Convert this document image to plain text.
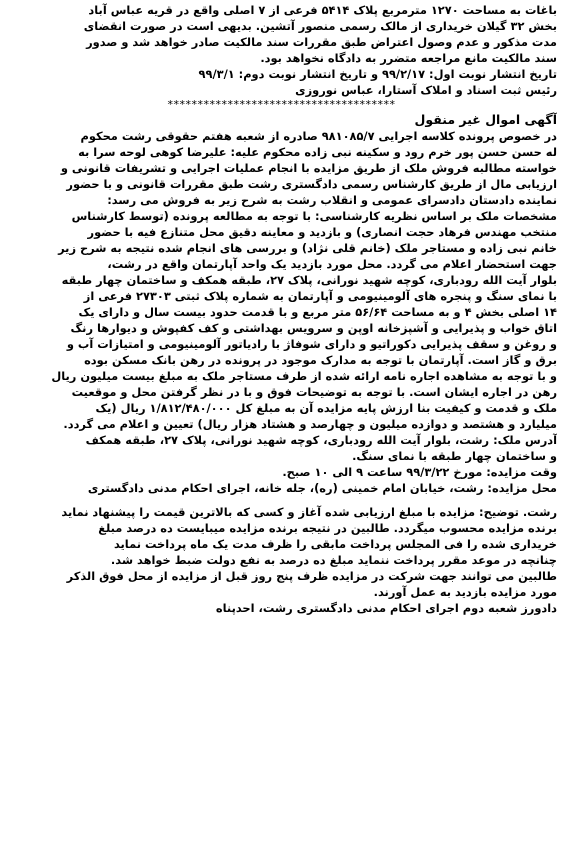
باغات به مساحت ۱۲۷۰ مترمربع پلاک ۵۴۱۴ فرعی از ۷ اصلی واقع در قریه عباس آباد
بخش ۳۲ گیلان خریداری از مالک رسمی منصور آتشین. بدیهی است در صورت انقضای
مدت مذکور و عدم وصول اعتراض طبق مقررات سند مالکیت صادر خواهد شد و صدور
سند مالکیت مانع مراجعه متضرر به دادگاه نخواهد بود.
تاریخ انتشار نوبت اول: ۹۹/۲/۱۷ و تاریخ انتشار نوبت دوم: ۹۹/۳/۱
رئیس ثبت اسناد و املاک آستارا، عباس نوروزی
**************************************
آگهی اموال غیر منقول
در خصوص پرونده کلاسه اجرایی ۹۸۱۰۸۵/۷ صادره از شعبه هفتم حقوقی رشت محکوم
له حسن حسن پور خرم رود و سکینه نبی زاده محکوم علیه: علیرضا کوهی لوحه سرا به
خواسته مطالبه فروش ملک از طریق مزایده با انجام عملیات اجرایی و تشریفات قانونی و
ارزیابی مال از طریق کارشناس رسمی دادگستری رشت طبق مقررات قانونی و با حضور
نماینده دادستان دادسرای عمومی و انقلاب رشت به شرح زیر به فروش می رسد:
مشخصات ملک بر اساس نظریه کارشناسی: با توجه به مطالعه پرونده (توسط کارشناس
منتخب مهندس فرهاد حجت انصاری) و بازدید و معاینه دقیق محل متنازع فیه با حضور
خانم نبی زاده و مستاجر ملک (خانم قلی نژاد) و بررسی های انجام شده نتیجه به شرح زیر
جهت استحضار اعلام می گردد. محل مورد بازدید یک واحد آپارتمان واقع در رشت،
بلوار آیت الله رودباری، کوچه شهید نورانی، پلاک ۲۷، طبقه همکف و ساختمان چهار طبقه
با نمای سنگ و پنجره های آلومینیومی و آپارتمان به شماره پلاک ثبتی ۲۷۳۰۳ فرعی از
۱۴ اصلی بخش ۴ و به مساحت ۵۶/۶۴ متر مربع و با قدمت حدود بیست سال و دارای یک
اتاق خواب و پذیرایی و آشپزخانه اوپن و سرویس بهداشتی و کف کفپوش و دیوارها رنگ
و روغن و سقف پذیرایی دکوراتیو و دارای شوفاژ با رادیاتور آلومینیومی و امتیازات آب و
برق و گاز است. آپارتمان با توجه به مدارک موجود در پرونده در رهن بانک مسکن بوده
و با توجه به مشاهده اجاره نامه ارائه شده از طرف مستاجر ملک به مبلغ بیست میلیون ریال
رهن در اجاره ایشان است. با توجه به توضیحات فوق و با در نظر گرفتن محل و موقعیت
ملک و قدمت و کیفیت بنا ارزش پایه مزایده آن به مبلغ کل ۱/۸۱۲/۴۸۰/۰۰۰ ریال (یک
میلیارد و هشتصد و دوازده میلیون و چهارصد و هشتاد هزار ریال) تعیین و اعلام می گردد.
آدرس ملک: رشت، بلوار آیت الله رودباری، کوچه شهید نورانی، پلاک ۲۷، طبقه همکف
و ساختمان چهار طبقه با نمای سنگ.
وقت مزایده: مورخ ۹۹/۳/۲۲ ساعت ۹ الی ۱۰ صبح.
محل مزایده: رشت، خیابان امام خمینی (ره)، جله خانه، اجرای احکام مدنی دادگستری
رشت. توضیح: مزایده با مبلغ ارزیابی شده آغاز و کسی که بالاترین قیمت را پیشنهاد نماید
برنده مزایده محسوب میگردد. طالبین در نتیجه برنده مزایده میبایست ده درصد مبلغ
خریداری شده را فی المجلس پرداخت مابقی را ظرف مدت یک ماه پرداخت نماید
چنانچه در موعد مقرر پرداخت ننماید مبلغ ده درصد به نفع دولت ضبط خواهد شد.
طالبین می توانند جهت شرکت در مزایده ظرف پنج روز قبل از مزایده از محل فوق الذکر
مورد مزایده بازدید به عمل آورند.
دادورز شعبه دوم اجرای احکام مدنی دادگستری رشت، احدپناه
